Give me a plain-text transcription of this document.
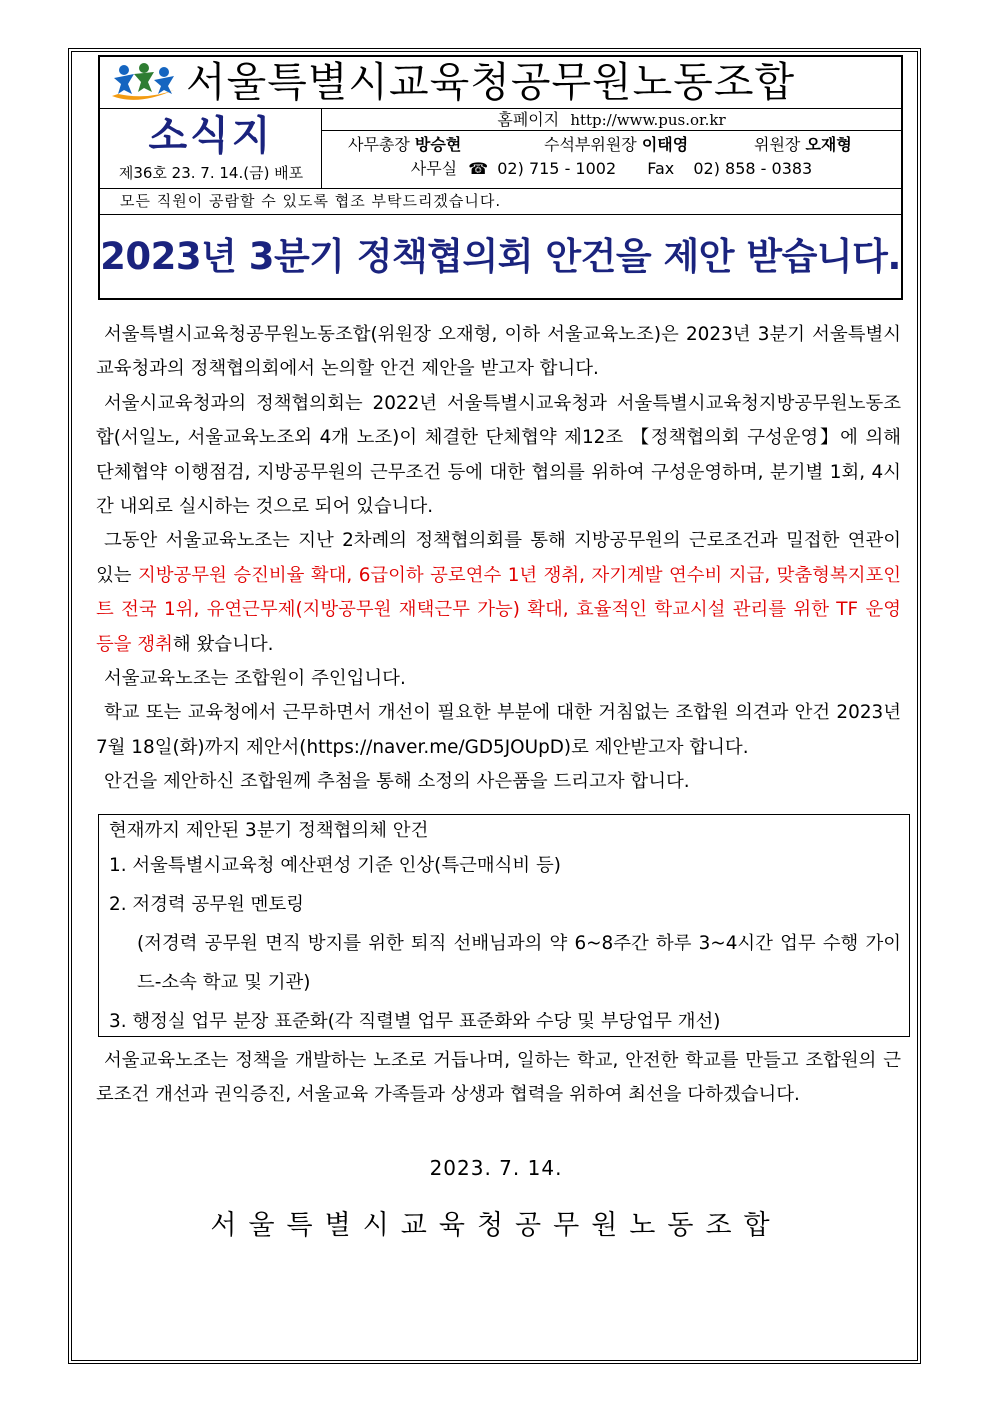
서울특별시교육청공무원노동조합
소식지
제36호 23. 7. 14.(금) 배포
홈페이지 http://www.pus.or.kr
사무총장 방승현	수석부위원장 이태영	위원장 오재형
사무실 ☎ 02) 715 - 1002 Fax 02) 858 - 0383
모든 직원이 공람할 수 있도록 협조 부탁드리겠습니다.
2023년 3분기 정책협의회 안건을 제안 받습니다.

서울특별시교육청공무원노동조합(위원장 오재형, 이하 서울교육노조)은 2023년 3분기 서울특별시교육청과의 정책협의회에서 논의할 안건 제안을 받고자 합니다.

서울시교육청과의 정책협의회는 2022년 서울특별시교육청과 서울특별시교육청지방공무원노동조합(서일노, 서울교육노조외 4개 노조)이 체결한 단체협약 제12조 【정책협의회 구성운영】에 의해 단체협약 이행점검, 지방공무원의 근무조건 등에 대한 협의를 위하여 구성운영하며, 분기별 1회, 4시간 내외로 실시하는 것으로 되어 있습니다.

그동안 서울교육노조는 지난 2차례의 정책협의회를 통해 지방공무원의 근로조건과 밀접한 연관이 있는 지방공무원 승진비율 확대, 6급이하 공로연수 1년 쟁취, 자기계발 연수비 지급, 맞춤형복지포인트 전국 1위, 유연근무제(지방공무원 재택근무 가능) 확대, 효율적인 학교시설 관리를 위한 TF 운영 등을 쟁취해 왔습니다.

서울교육노조는 조합원이 주인입니다.

학교 또는 교육청에서 근무하면서 개선이 필요한 부분에 대한 거침없는 조합원 의견과 안건 2023년 7월 18일(화)까지 제안서(https://naver.me/GD5JOUpD)로 제안받고자 합니다.

안건을 제안하신 조합원께 추첨을 통해 소정의 사은품을 드리고자 합니다.

현재까지 제안된 3분기 정책협의체 안건
1. 서울특별시교육청 예산편성 기준 인상(특근매식비 등)
2. 저경력 공무원 멘토링
(저경력 공무원 면직 방지를 위한 퇴직 선배님과의 약 6~8주간 하루 3~4시간 업무 수행 가이드-소속 학교 및 기관)
3. 행정실 업무 분장 표준화(각 직렬별 업무 표준화와 수당 및 부당업무 개선)

서울교육노조는 정책을 개발하는 노조로 거듭나며, 일하는 학교, 안전한 학교를 만들고 조합원의 근로조건 개선과 권익증진, 서울교육 가족들과 상생과 협력을 위하여 최선을 다하겠습니다.

2023. 7. 14.
서울특별시교육청공무원노동조합
